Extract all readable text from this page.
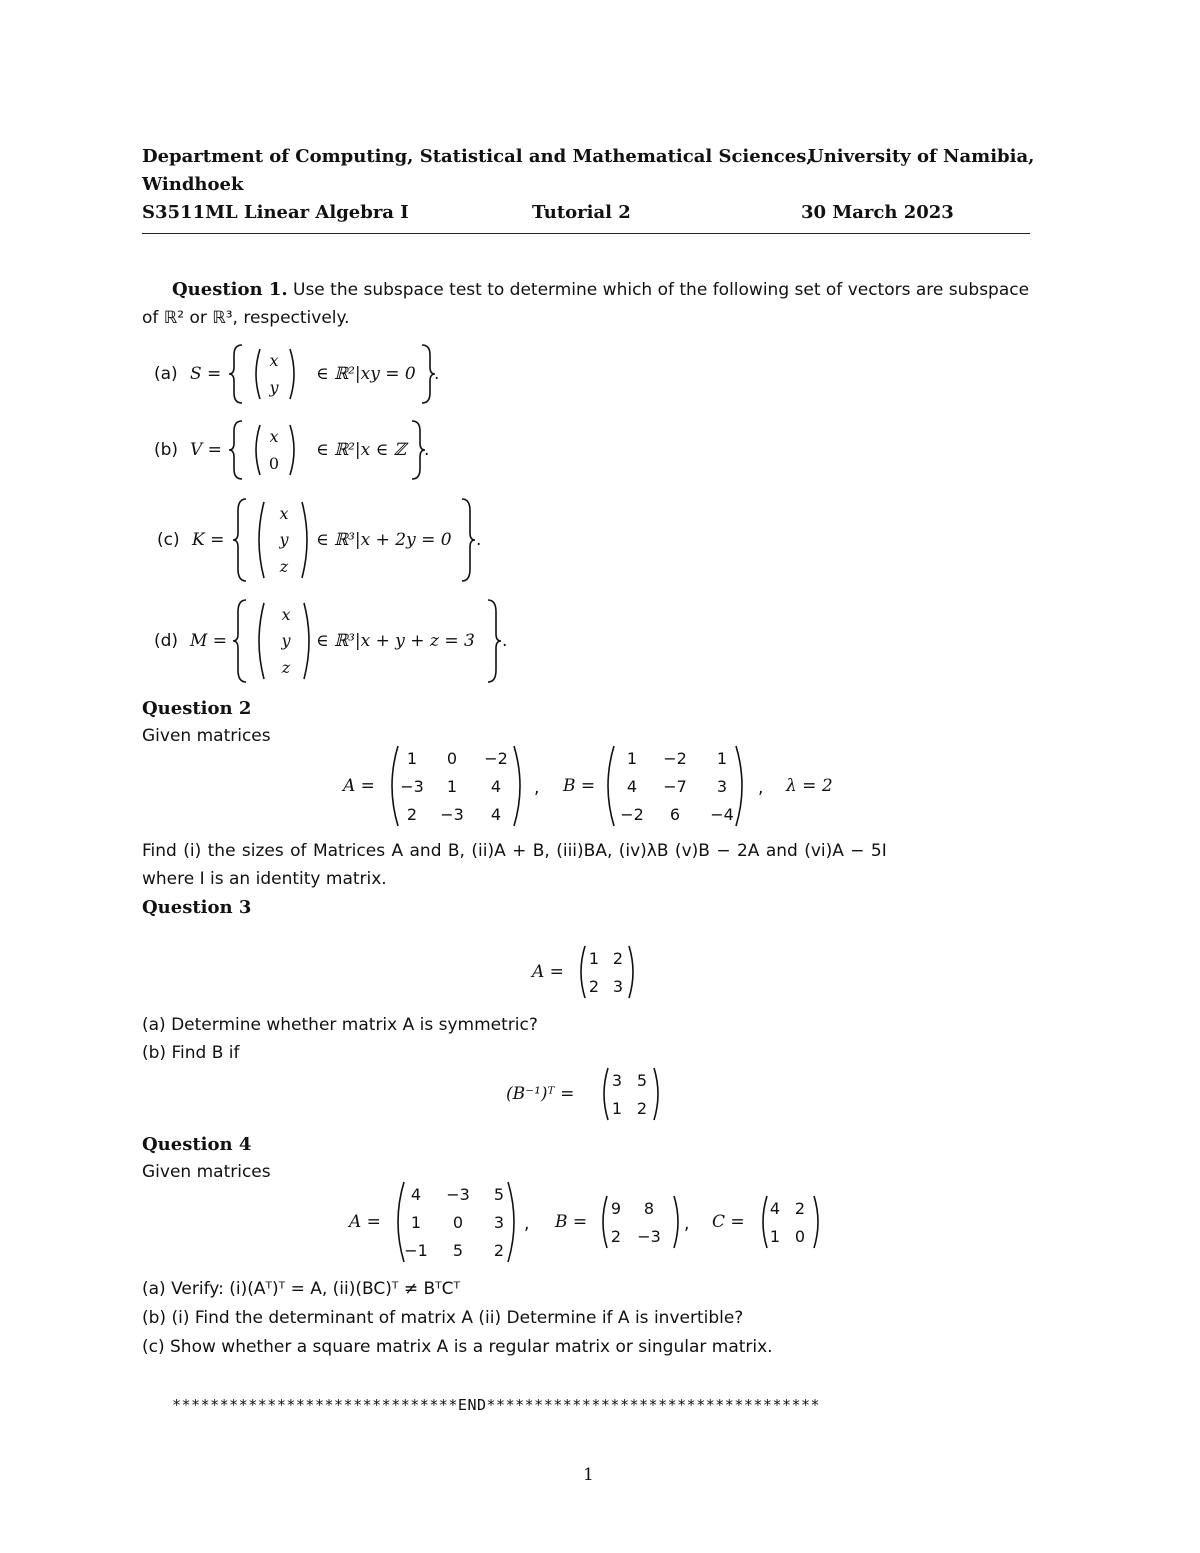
Department of Computing, Statistical and Mathematical Sciences,
University of Namibia,
Windhoek
S3511ML Linear Algebra I	Tutorial 2	30 March 2023
Question 1. Use the subspace test to determine which of the following set of vectors are subspace
of ℝ² or ℝ³, respectively.
(a) S =
x
y
∈ ℝ²|xy = 0 .
(b) V =
x
0
∈ ℝ²|x ∈ ℤ .
(c) K =
x
y
z
∈ ℝ³|x + 2y = 0 .
(d) M =
x
y
z
∈ ℝ³|x + y + z = 3 .
Question 2
Given matrices
A =
1	0	−2
−3	1	4
2	−3	4
, B =
1	−2	1
4	−7	3
−2	6	−4
, λ = 2
Find (i) the sizes of Matrices A and B, (ii)A + B, (iii)BA, (iv)λB (v)B − 2A and (vi)A − 5I
where I is an identity matrix.
Question 3
A =
1 2
2 3
(a) Determine whether matrix A is symmetric?
(b) Find B if
(B⁻¹)ᵀ =
3 5
1 2
Question 4
Given matrices
A =
4	−3	5
1	0	3
−1	5	2
, B =
9	8
2	−3
, C =
4 2
1 0
(a) Verify: (i)(Aᵀ)ᵀ = A, (ii)(BC)ᵀ ≠ BᵀCᵀ
(b) (i) Find the determinant of matrix A (ii) Determine if A is invertible?
(c) Show whether a square matrix A is a regular matrix or singular matrix.
******************************END***********************************
1
